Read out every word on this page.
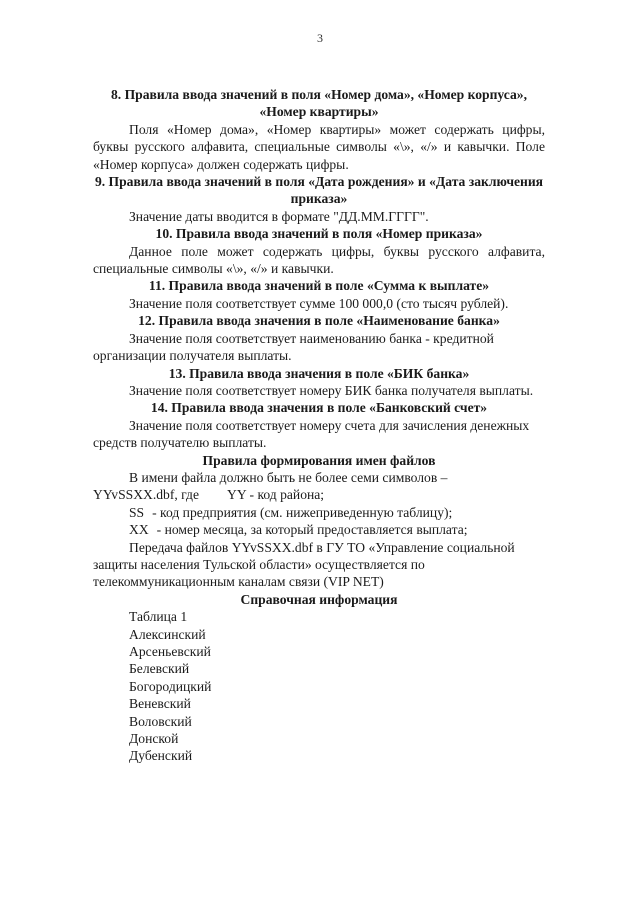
3

8. Правила ввода значений в поля «Номер дома», «Номер корпуса», «Номер квартиры»

Поля «Номер дома», «Номер квартиры» может содержать цифры, буквы русского алфавита, специальные символы «\», «/» и кавычки. Поле «Номер корпуса» должен содержать цифры.

9. Правила ввода значений в поля «Дата рождения» и «Дата заключения приказа»

Значение даты вводится в формате "ДД.ММ.ГГГГ".

10. Правила ввода значений в поля «Номер приказа»

Данное поле может содержать цифры, буквы русского алфавита, специальные символы «\», «/» и кавычки.

11. Правила ввода значений в поле «Сумма к выплате»

Значение поля соответствует сумме 100 000,0 (сто тысяч рублей).

12. Правила ввода значения в поле «Наименование банка»

Значение поля соответствует наименованию банка - кредитной организации получателя выплаты.

13. Правила ввода значения в поле «БИК банка»

Значение поля соответствует номеру БИК банка получателя выплаты.

14. Правила ввода значения в поле «Банковский счет»

Значение поля соответствует номеру счета для зачисления денежных средств получателю выплаты.

Правила формирования имен файлов

В имени файла должно быть не более семи символов –

YYvSSXX.dbf, где YY - код района;

SS - код предприятия (см. нижеприведенную таблицу);

XX - номер месяца, за который предоставляется выплата;

Передача файлов YYvSSXX.dbf в ГУ ТО «Управление социальной защиты населения Тульской области» осуществляется по телекоммуникационным каналам связи (VIP NET)

Справочная информация

Таблица 1

Алексинский

Арсеньевский

Белевский

Богородицкий

Веневский

Воловский

Донской

Дубенский
